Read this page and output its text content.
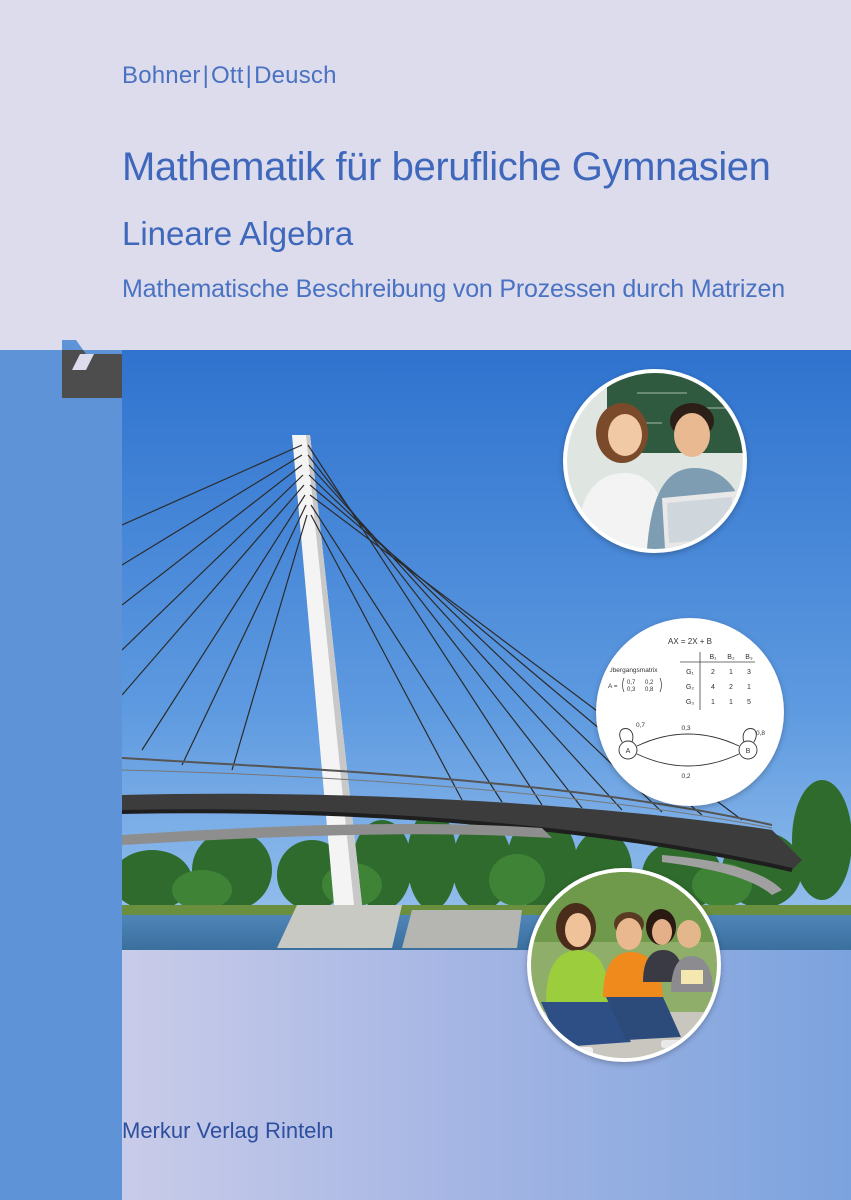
Bohner|Ott|Deusch
Mathematik für berufliche Gymnasien
Lineare Algebra
Mathematische Beschreibung von Prozessen durch Matrizen
Merkur Verlag Rinteln
AX = 2X + B
B₁ B₂ B₃
G₁ 2 1 3
G₂ 4 2 1
G₃ 1 1 5
Übergangsmatrix
A = 0,7 0,2
0,3 0,8
A	B
0,7
0,8
0,3
0,2
